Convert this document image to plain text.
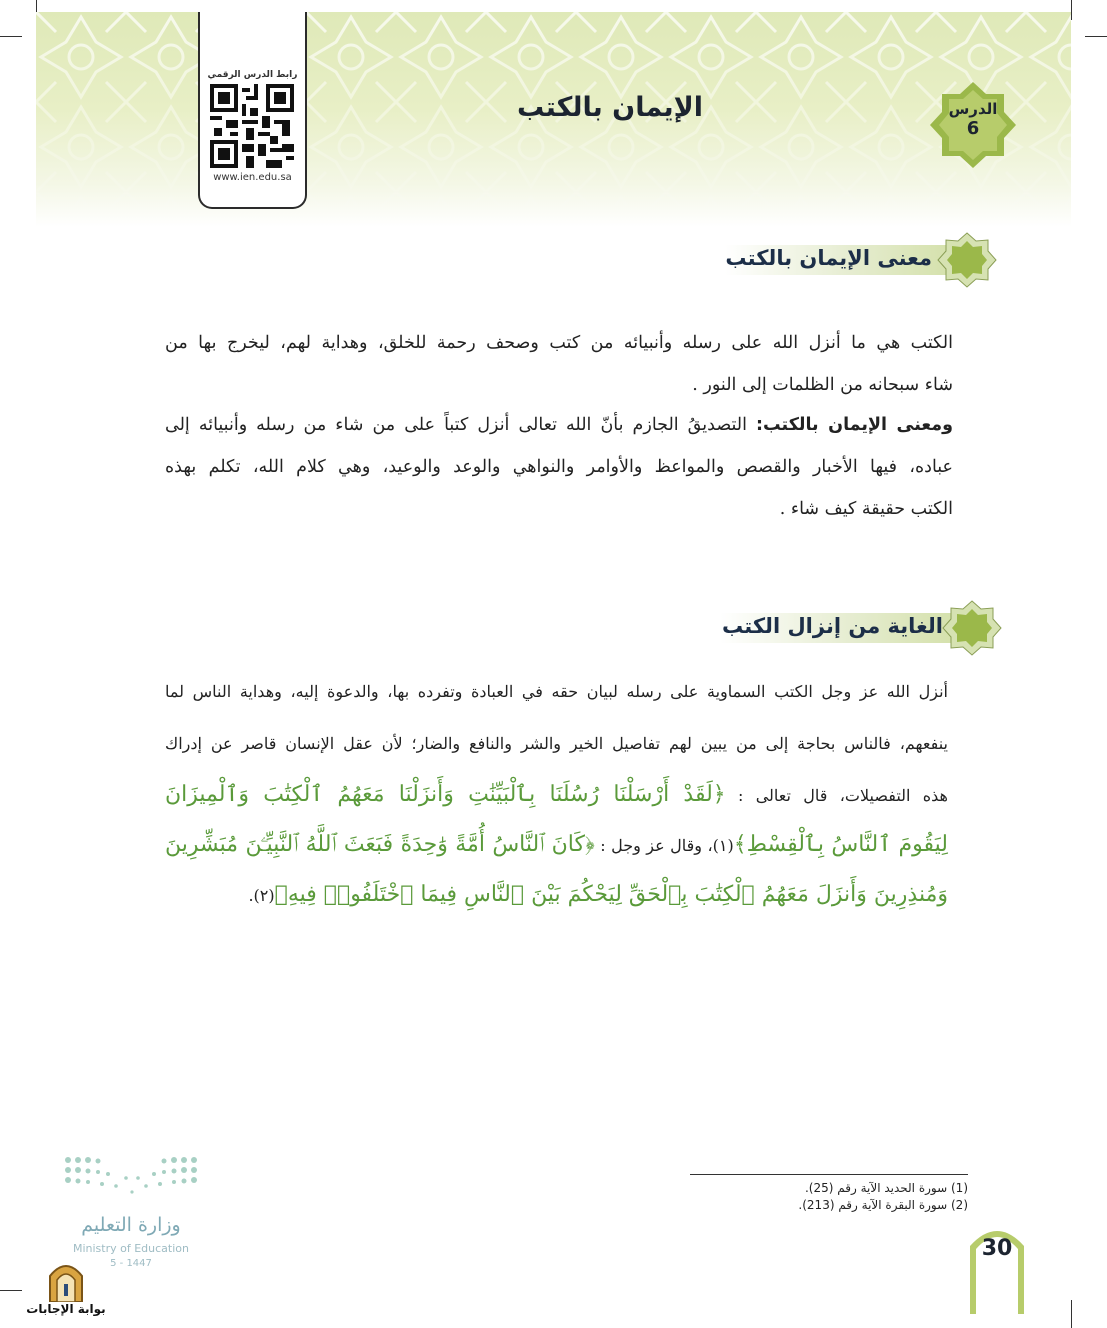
الإيمان بالكتب
رابط الدرس الرقمي
www.ien.edu.sa
الدرس
6
معنى الإيمان بالكتب
الكتب هي ما أنزل الله على رسله وأنبيائه من كتب وصحف رحمة للخلق، وهداية لهم، ليخرج بها من
شاء سبحانه من الظلمات إلى النور .
ومعنى الإيمان بالكتب: التصديقُ الجازم بأنّ الله تعالى أنزل كتباً على من شاء من رسله وأنبيائه إلى
عباده، فيها الأخبار والقصص والمواعظ والأوامر والنواهي والوعد والوعيد، وهي كلام الله، تكلم بهذه
الكتب حقيقة كيف شاء .
الغاية من إنزال الكتب
أنزل الله عز وجل الكتب السماوية على رسله لبيان حقه في العبادة وتفرده بها، والدعوة إليه، وهداية الناس لما
ينفعهم، فالناس بحاجة إلى من يبين لهم تفاصيل الخير والشر والنافع والضار؛ لأن عقل الإنسان قاصر عن إدراك
هذه التفصيلات، قال تعالى : ﴿لَقَدْ أَرْسَلْنَا رُسُلَنَا بِٱلْبَيِّنَٰتِ وَأَنزَلْنَا مَعَهُمُ ٱلْكِتَٰبَ وَٱلْمِيزَانَ
لِيَقُومَ ٱلنَّاسُ بِٱلْقِسْطِ﴾(١)، وقال عز وجل : ﴿كَانَ ٱلنَّاسُ أُمَّةً وَٰحِدَةً فَبَعَثَ ٱللَّهُ ٱلنَّبِيِّـۧنَ مُبَشِّرِينَ
وَمُنذِرِينَ وَأَنزَلَ مَعَهُمُ ٱلْكِتَٰبَ بِٱلْحَقِّ لِيَحْكُمَ بَيْنَ ٱلنَّاسِ فِيمَا ٱخْتَلَفُوا۟ فِيهِ﴾(٢).
(1) سورة الحديد الآية رقم (25).
(2) سورة البقرة الآية رقم (213).
30
وزارة التعليم
Ministry of Education
5 - 1447
بوابة الإجابات
